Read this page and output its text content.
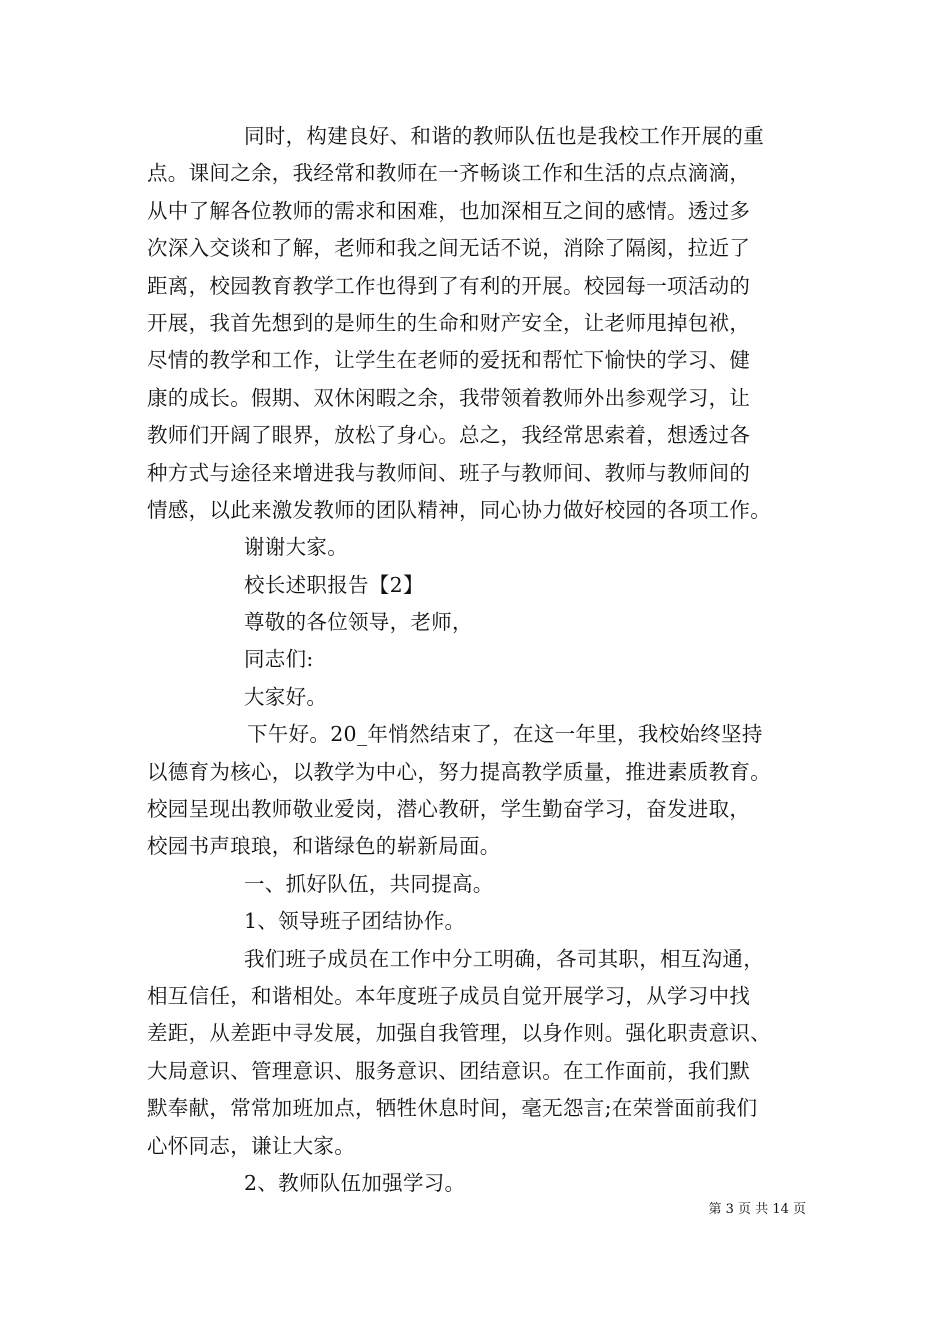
同时，构建良好、和谐的教师队伍也是我校工作开展的重
点。课间之余，我经常和教师在一齐畅谈工作和生活的点点滴滴，
从中了解各位教师的需求和困难，也加深相互之间的感情。透过多
次深入交谈和了解，老师和我之间无话不说，消除了隔阂，拉近了
距离，校园教育教学工作也得到了有利的开展。校园每一项活动的
开展，我首先想到的是师生的生命和财产安全，让老师甩掉包袱，
尽情的教学和工作，让学生在老师的爱抚和帮忙下愉快的学习、健
康的成长。假期、双休闲暇之余，我带领着教师外出参观学习，让
教师们开阔了眼界，放松了身心。总之，我经常思索着，想透过各
种方式与途径来增进我与教师间、班子与教师间、教师与教师间的
情感，以此来激发教师的团队精神，同心协力做好校园的各项工作。
谢谢大家。
校长述职报告【2】
尊敬的各位领导，老师，
同志们:
大家好。
下午好。20_年悄然结束了，在这一年里，我校始终坚持
以德育为核心，以教学为中心，努力提高教学质量，推进素质教育。
校园呈现出教师敬业爱岗，潜心教研，学生勤奋学习，奋发进取，
校园书声琅琅，和谐绿色的崭新局面。
一、抓好队伍，共同提高。
1、领导班子团结协作。
我们班子成员在工作中分工明确，各司其职，相互沟通，
相互信任，和谐相处。本年度班子成员自觉开展学习，从学习中找
差距，从差距中寻发展，加强自我管理，以身作则。强化职责意识、
大局意识、管理意识、服务意识、团结意识。在工作面前，我们默
默奉献，常常加班加点，牺牲休息时间，毫无怨言;在荣誉面前我们
心怀同志，谦让大家。
2、教师队伍加强学习。
第 3 页 共 14 页
